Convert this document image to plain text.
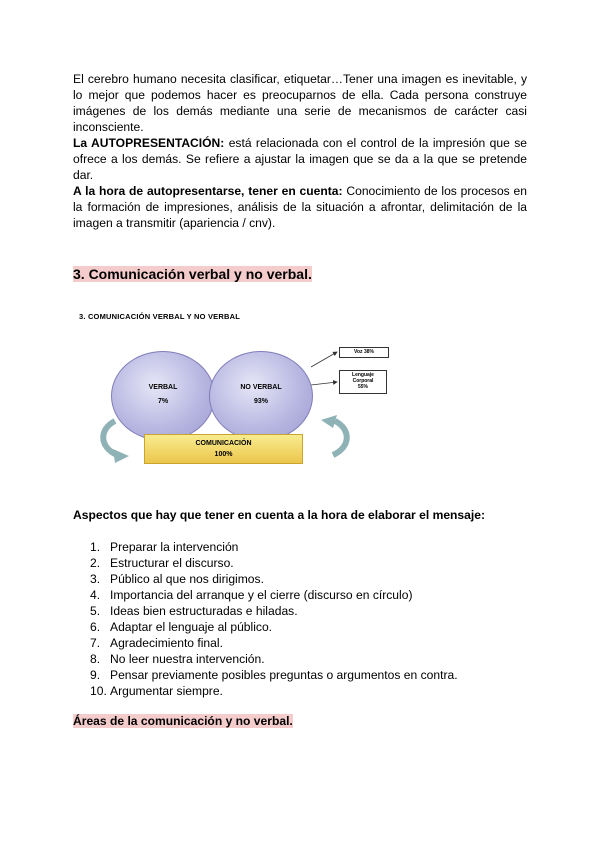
El cerebro humano necesita clasificar, etiquetar…Tener una imagen es inevitable, y lo mejor que podemos hacer es preocuparnos de ella. Cada persona construye imágenes de los demás mediante una serie de mecanismos de carácter casi inconsciente.

La AUTOPRESENTACIÓN: está relacionada con el control de la impresión que se ofrece a los demás. Se refiere a ajustar la imagen que se da a la que se pretende dar.

A la hora de autopresentarse, tener en cuenta: Conocimiento de los procesos en la formación de impresiones, análisis de la situación a afrontar, delimitación de la imagen a transmitir (apariencia / cnv).

3. Comunicación verbal y no verbal.

3. COMUNICACIÓN VERBAL Y NO VERBAL
VERBAL
7%
NO VERBAL
93%
COMUNICACIÓN
100%
Voz 38%
Lenguaje
Corporal
55%

Aspectos que hay que tener en cuenta a la hora de elaborar el mensaje:

1. Preparar la intervención
2. Estructurar el discurso.
3. Público al que nos dirigimos.
4. Importancia del arranque y el cierre (discurso en círculo)
5. Ideas bien estructuradas e hiladas.
6. Adaptar el lenguaje al público.
7. Agradecimiento final.
8. No leer nuestra intervención.
9. Pensar previamente posibles preguntas o argumentos en contra.
10. Argumentar siempre.

Áreas de la comunicación y no verbal.
